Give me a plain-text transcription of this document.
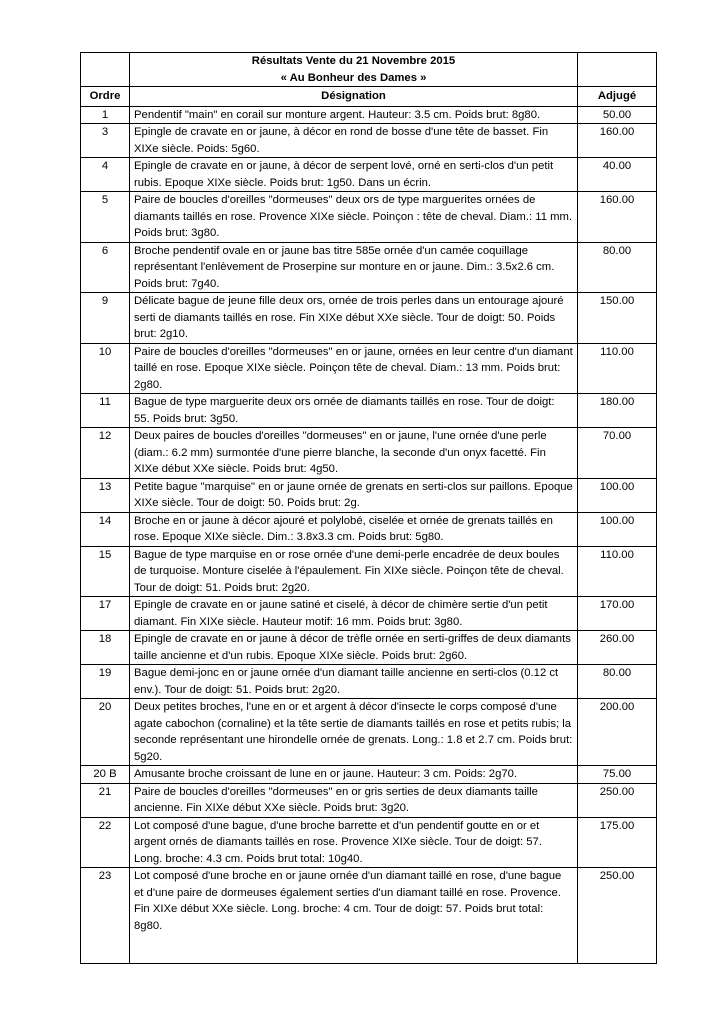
	Résultats Vente du 21 Novembre 2015
« Au Bonheur des Dames »	

Ordre	Désignation	Adjugé
1	Pendentif "main" en corail sur monture argent. Hauteur: 3.5 cm. Poids brut: 8g80.	50.00
3	Epingle de cravate en or jaune, à décor en rond de bosse d'une tête de basset. Fin XIXe siècle. Poids: 5g60.	160.00
4	Epingle de cravate en or jaune, à décor de serpent lové, orné en serti-clos d'un petit rubis. Epoque XIXe siècle. Poids brut: 1g50. Dans un écrin.	40.00
5	Paire de boucles d'oreilles "dormeuses" deux ors de type marguerites ornées de diamants taillés en rose. Provence XIXe siècle. Poinçon : tête de cheval. Diam.: 11 mm. Poids brut: 3g80.	160.00
6	Broche pendentif ovale en or jaune bas titre 585e ornée d'un camée coquillage représentant l'enlèvement de Proserpine sur monture en or jaune. Dim.: 3.5x2.6 cm. Poids brut: 7g40.	80.00
9	Délicate bague de jeune fille deux ors, ornée de trois perles dans un entourage ajouré serti de diamants taillés en rose. Fin XIXe début XXe siècle. Tour de doigt: 50. Poids brut: 2g10.	150.00
10	Paire de boucles d'oreilles "dormeuses" en or jaune, ornées en leur centre d'un diamant taillé en rose. Epoque XIXe siècle. Poinçon tête de cheval. Diam.: 13 mm. Poids brut: 2g80.	110.00
11	Bague de type marguerite deux ors ornée de diamants taillés en rose. Tour de doigt: 55. Poids brut: 3g50.	180.00
12	Deux paires de boucles d'oreilles "dormeuses" en or jaune, l'une ornée d'une perle (diam.: 6.2 mm) surmontée d'une pierre blanche, la seconde d'un onyx facetté. Fin XIXe début XXe siècle. Poids brut: 4g50.	70.00
13	Petite bague "marquise" en or jaune ornée de grenats en serti-clos sur paillons. Epoque XIXe siècle. Tour de doigt: 50. Poids brut: 2g.	100.00
14	Broche en or jaune à décor ajouré et polylobé, ciselée et ornée de grenats taillés en rose. Epoque XIXe siècle. Dim.: 3.8x3.3 cm. Poids brut: 5g80.	100.00
15	Bague de type marquise en or rose ornée d'une demi-perle encadrée de deux boules de turquoise. Monture ciselée à l'épaulement. Fin XIXe siècle. Poinçon tête de cheval. Tour de doigt: 51. Poids brut: 2g20.	110.00
17	Epingle de cravate en or jaune satiné et ciselé, à décor de chimère sertie d'un petit diamant. Fin XIXe siècle. Hauteur motif: 16 mm. Poids brut: 3g80.	170.00
18	Epingle de cravate en or jaune à décor de trèfle ornée en serti-griffes de deux diamants taille ancienne et d'un rubis. Epoque XIXe siècle. Poids brut: 2g60.	260.00
19	Bague demi-jonc en or jaune ornée d'un diamant taille ancienne en serti-clos (0.12 ct env.). Tour de doigt: 51. Poids brut: 2g20.	80.00
20	Deux petites broches, l'une en or et argent à décor d'insecte le corps composé d'une agate cabochon (cornaline) et la tête sertie de diamants taillés en rose et petits rubis; la seconde représentant une hirondelle ornée de grenats. Long.: 1.8 et 2.7 cm. Poids brut: 5g20.	200.00
20 B	Amusante broche croissant de lune en or jaune. Hauteur: 3 cm. Poids: 2g70.	75.00
21	Paire de boucles d'oreilles "dormeuses" en or gris serties de deux diamants taille ancienne. Fin XIXe début XXe siècle. Poids brut: 3g20.	250.00
22	Lot composé d'une bague, d'une broche barrette et d'un pendentif goutte en or et argent ornés de diamants taillés en rose. Provence XIXe siècle. Tour de doigt: 57. Long. broche: 4.3 cm. Poids brut total: 10g40.	175.00
23	Lot composé d'une broche en or jaune ornée d'un diamant taillé en rose, d'une bague et d'une paire de dormeuses également serties d'un diamant taillé en rose. Provence. Fin XIXe début XXe siècle. Long. broche: 4 cm. Tour de doigt: 57. Poids brut total: 8g80.	250.00
